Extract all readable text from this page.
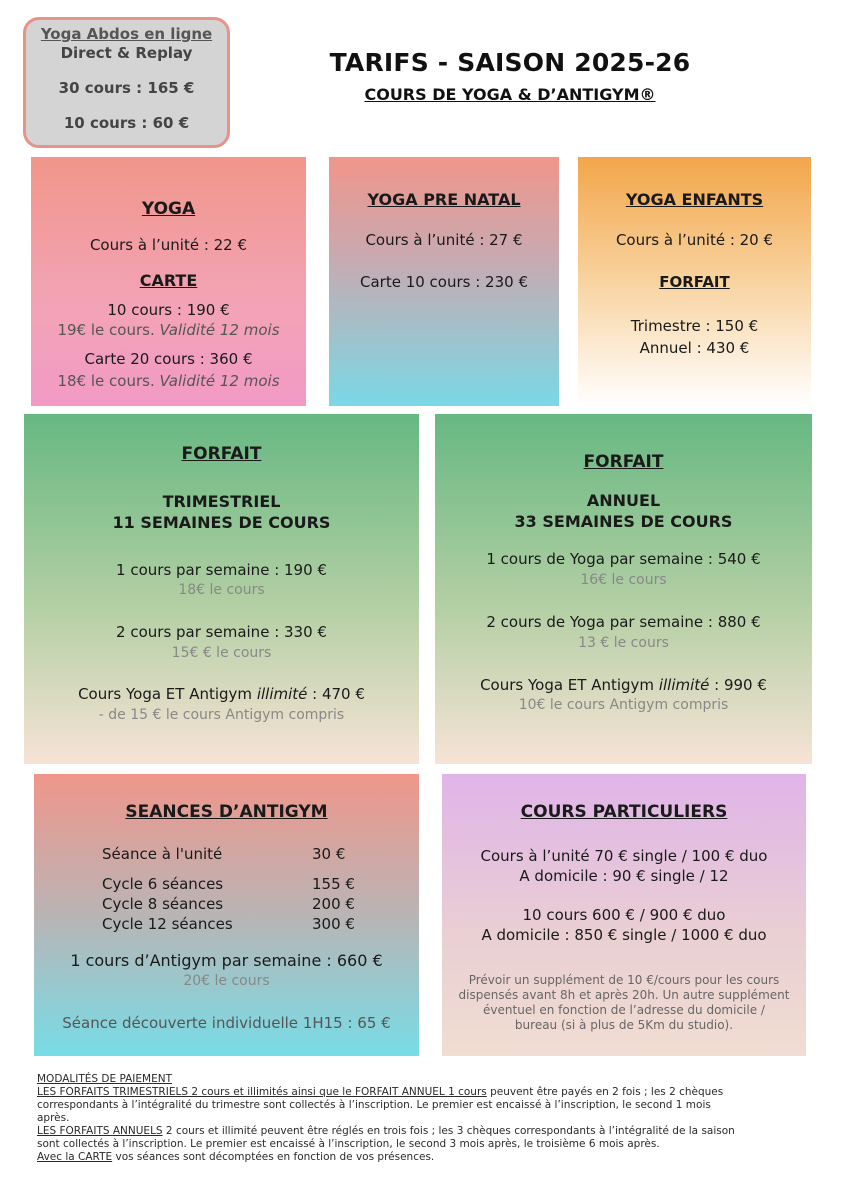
Yoga Abdos en ligne
Direct & Replay
30 cours : 165 €
10 cours : 60 €
TARIFS - SAISON 2025-26
COURS DE YOGA & D’ANTIGYM®
YOGA
Cours à l’unité : 22 €
CARTE
10 cours : 190 €
19€ le cours. Validité 12 mois
Carte 20 cours : 360 €
18€ le cours. Validité 12 mois
YOGA PRE NATAL
Cours à l’unité : 27 €
Carte 10 cours : 230 €
YOGA ENFANTS
Cours à l’unité : 20 €
FORFAIT
Trimestre : 150 €
Annuel : 430 €
FORFAIT
TRIMESTRIEL
11 SEMAINES DE COURS
1 cours par semaine : 190 €
18€ le cours
2 cours par semaine : 330 €
15€ € le cours
Cours Yoga ET Antigym illimité : 470 €
- de 15 € le cours Antigym compris
FORFAIT
ANNUEL
33 SEMAINES DE COURS
1 cours de Yoga par semaine : 540 €
16€ le cours
2 cours de Yoga par semaine : 880 €
13 € le cours
Cours Yoga ET Antigym illimité : 990 €
10€ le cours Antigym compris
SEANCES D’ANTIGYM
Séance à l'unité	30 €
Cycle 6 séances	155 €
Cycle 8 séances	200 €
Cycle 12 séances	300 €
1 cours d’Antigym par semaine : 660 €
20€ le cours
Séance découverte individuelle 1H15 : 65 €
COURS PARTICULIERS
Cours à l’unité 70 € single / 100 € duo
A domicile : 90 € single / 12
10 cours 600 € / 900 € duo
A domicile : 850 € single / 1000 € duo
Prévoir un supplément de 10 €/cours pour les cours
dispensés avant 8h et après 20h. Un autre supplément
éventuel en fonction de l’adresse du domicile /
bureau (si à plus de 5Km du studio).
MODALITÉS DE PAIEMENT
LES FORFAITS TRIMESTRIELS 2 cours et illimités ainsi que le FORFAIT ANNUEL 1 cours peuvent être payés en 2 fois ; les 2 chèques
correspondants à l’intégralité du trimestre sont collectés à l’inscription. Le premier est encaissé à l’inscription, le second 1 mois
après.
LES FORFAITS ANNUELS 2 cours et illimité peuvent être réglés en trois fois ; les 3 chèques correspondants à l’intégralité de la saison
sont collectés à l’inscription. Le premier est encaissé à l’inscription, le second 3 mois après, le troisième 6 mois après.
Avec la CARTE vos séances sont décomptées en fonction de vos présences.
